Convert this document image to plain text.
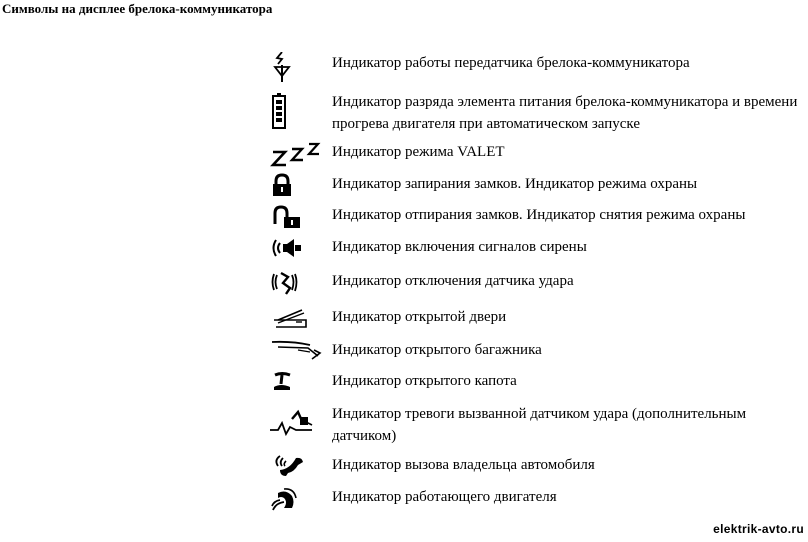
Символы на дисплее брелока-коммуникатора
Индикатор работы передатчика брелока-коммуникатора
Индикатор разряда элемента питания брелока-коммуникатора и времени прогрева двигателя при автоматическом запуске
Индикатор режима VALET
Индикатор запирания замков. Индикатор режима охраны
Индикатор отпирания замков. Индикатор снятия режима охраны
Индикатор включения сигналов сирены
Индикатор отключения датчика удара
Индикатор открытой двери
Индикатор открытого багажника
Индикатор открытого капота
Индикатор тревоги вызванной датчиком удара (дополнительным датчиком)
Индикатор вызова владельца автомобиля
Индикатор работающего двигателя
elektrik-avto.ru
